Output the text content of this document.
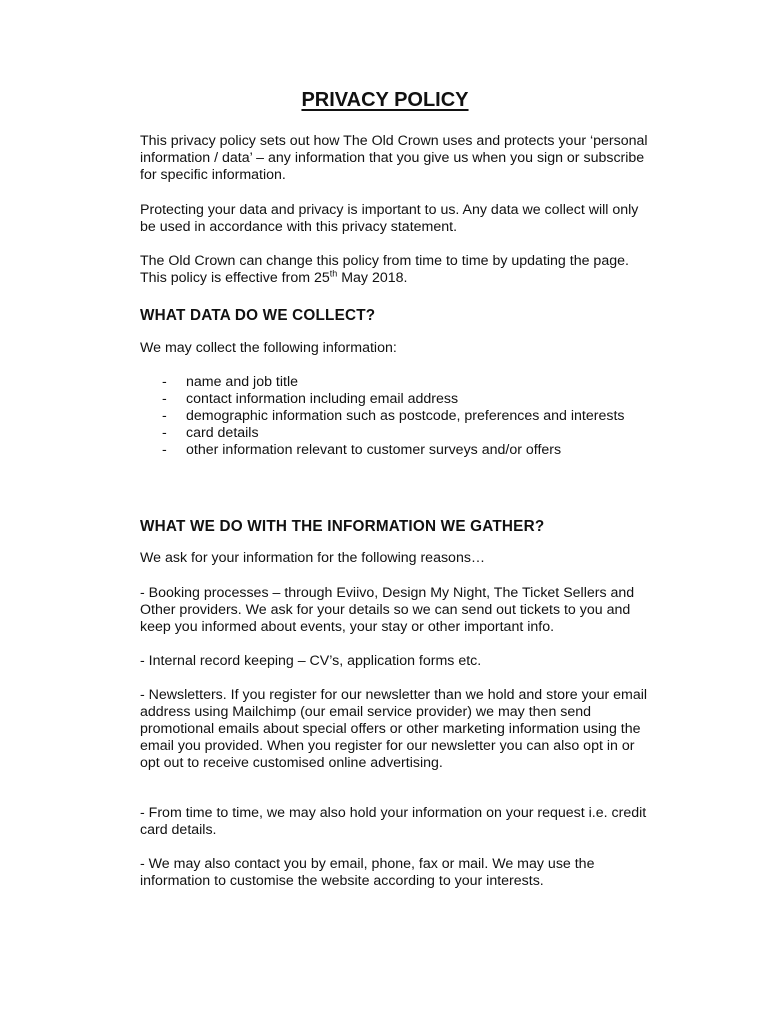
PRIVACY POLICY
This privacy policy sets out how The Old Crown uses and protects your ‘personal information / data’ – any information that you give us when you sign or subscribe for specific information.
Protecting your data and privacy is important to us. Any data we collect will only be used in accordance with this privacy statement.
The Old Crown can change this policy from time to time by updating the page. This policy is effective from 25th May 2018.
WHAT DATA DO WE COLLECT?
We may collect the following information:
- name and job title
- contact information including email address
- demographic information such as postcode, preferences and interests
- card details
- other information relevant to customer surveys and/or offers
WHAT WE DO WITH THE INFORMATION WE GATHER?
We ask for your information for the following reasons…
- Booking processes – through Eviivo, Design My Night, The Ticket Sellers and Other providers. We ask for your details so we can send out tickets to you and keep you informed about events, your stay or other important info.
- Internal record keeping – CV’s, application forms etc.
- Newsletters. If you register for our newsletter than we hold and store your email address using Mailchimp (our email service provider) we may then send promotional emails about special offers or other marketing information using the email you provided. When you register for our newsletter you can also opt in or opt out to receive customised online advertising.
- From time to time, we may also hold your information on your request i.e. credit card details.
- We may also contact you by email, phone, fax or mail. We may use the information to customise the website according to your interests.
